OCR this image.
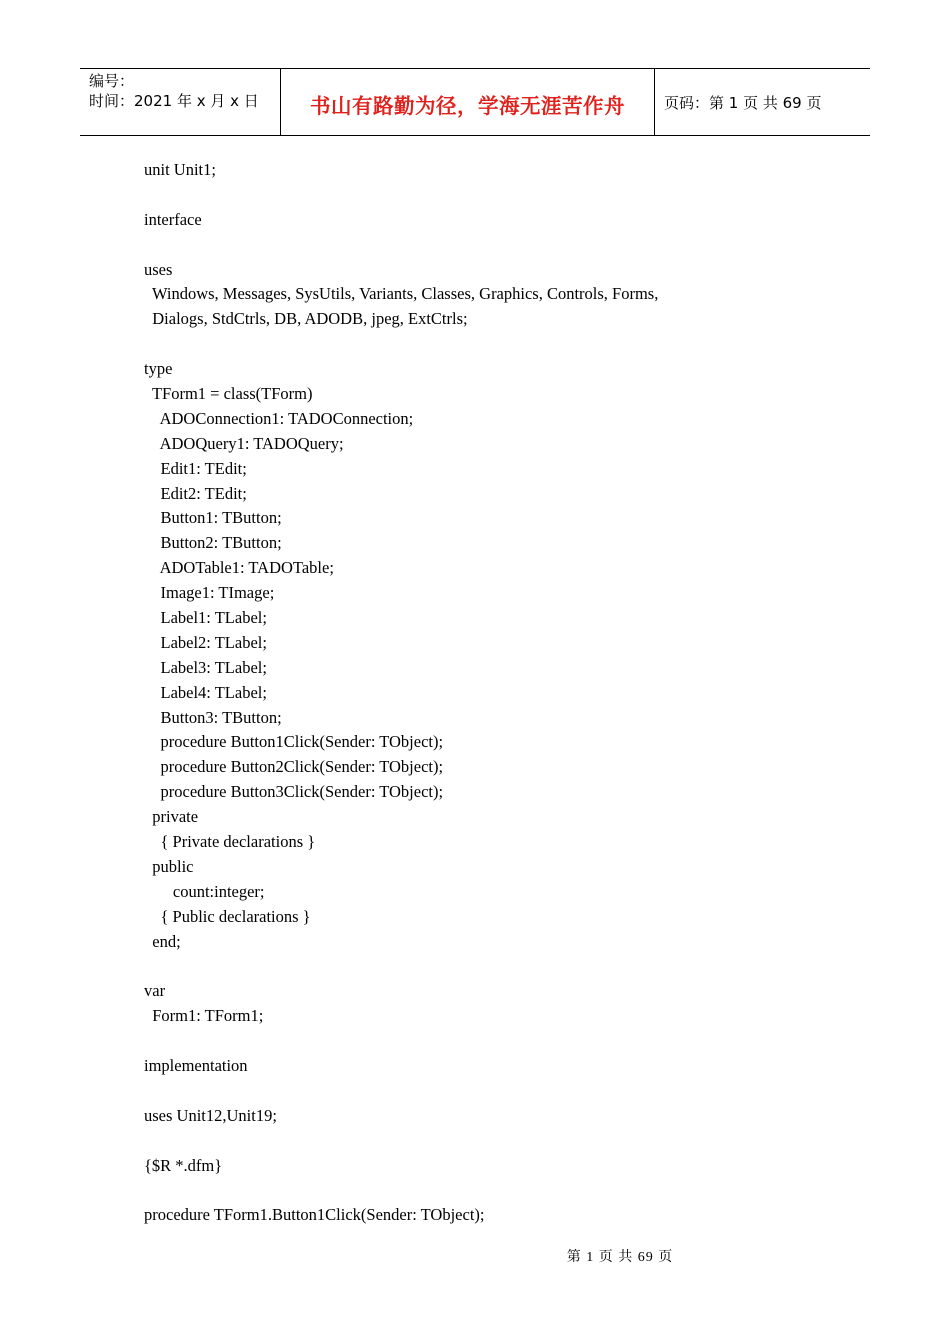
编号：
时间：2021 年 x 月 x 日	书山有路勤为径，学海无涯苦作舟	页码：第 1 页 共 69 页
unit Unit1;
interface
uses
Windows, Messages, SysUtils, Variants, Classes, Graphics, Controls, Forms,
Dialogs, StdCtrls, DB, ADODB, jpeg, ExtCtrls;
type
TForm1 = class(TForm)
ADOConnection1: TADOConnection;
ADOQuery1: TADOQuery;
Edit1: TEdit;
Edit2: TEdit;
Button1: TButton;
Button2: TButton;
ADOTable1: TADOTable;
Image1: TImage;
Label1: TLabel;
Label2: TLabel;
Label3: TLabel;
Label4: TLabel;
Button3: TButton;
procedure Button1Click(Sender: TObject);
procedure Button2Click(Sender: TObject);
procedure Button3Click(Sender: TObject);
private
{ Private declarations }
public
count:integer;
{ Public declarations }
end;
var
Form1: TForm1;
implementation
uses Unit12,Unit19;
{$R *.dfm}
procedure TForm1.Button1Click(Sender: TObject);
第 1 页 共 69 页
